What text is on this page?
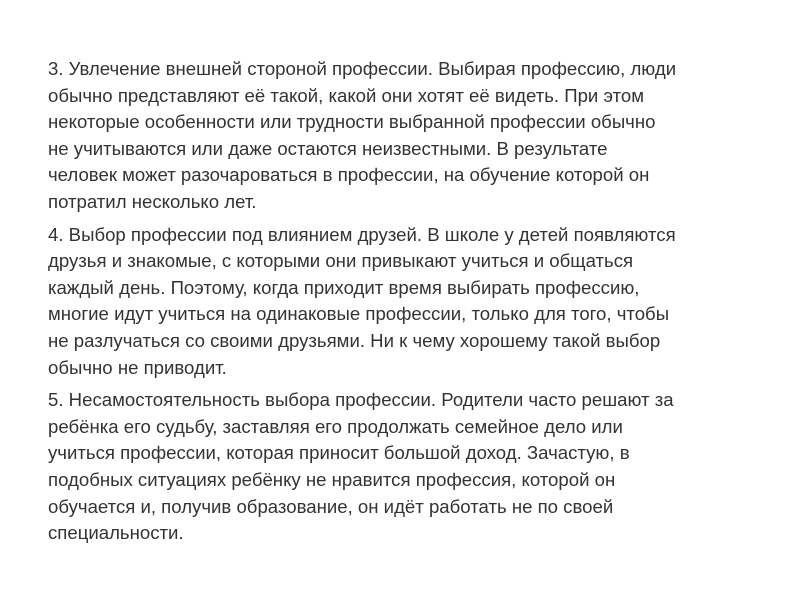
3. Увлечение внешней стороной профессии. Выбирая профессию, люди
обычно представляют её такой, какой они хотят её видеть. При этом
некоторые особенности или трудности выбранной профессии обычно
не учитываются или даже остаются неизвестными. В результате
человек может разочароваться в профессии, на обучение которой он
потратил несколько лет.

4. Выбор профессии под влиянием друзей. В школе у детей появляются
друзья и знакомые, с которыми они привыкают учиться и общаться
каждый день. Поэтому, когда приходит время выбирать профессию,
многие идут учиться на одинаковые профессии, только для того, чтобы
не разлучаться со своими друзьями. Ни к чему хорошему такой выбор
обычно не приводит.

5. Несамостоятельность выбора профессии. Родители часто решают за
ребёнка его судьбу, заставляя его продолжать семейное дело или
учиться профессии, которая приносит большой доход. Зачастую, в
подобных ситуациях ребёнку не нравится профессия, которой он
обучается и, получив образование, он идёт работать не по своей
специальности.
